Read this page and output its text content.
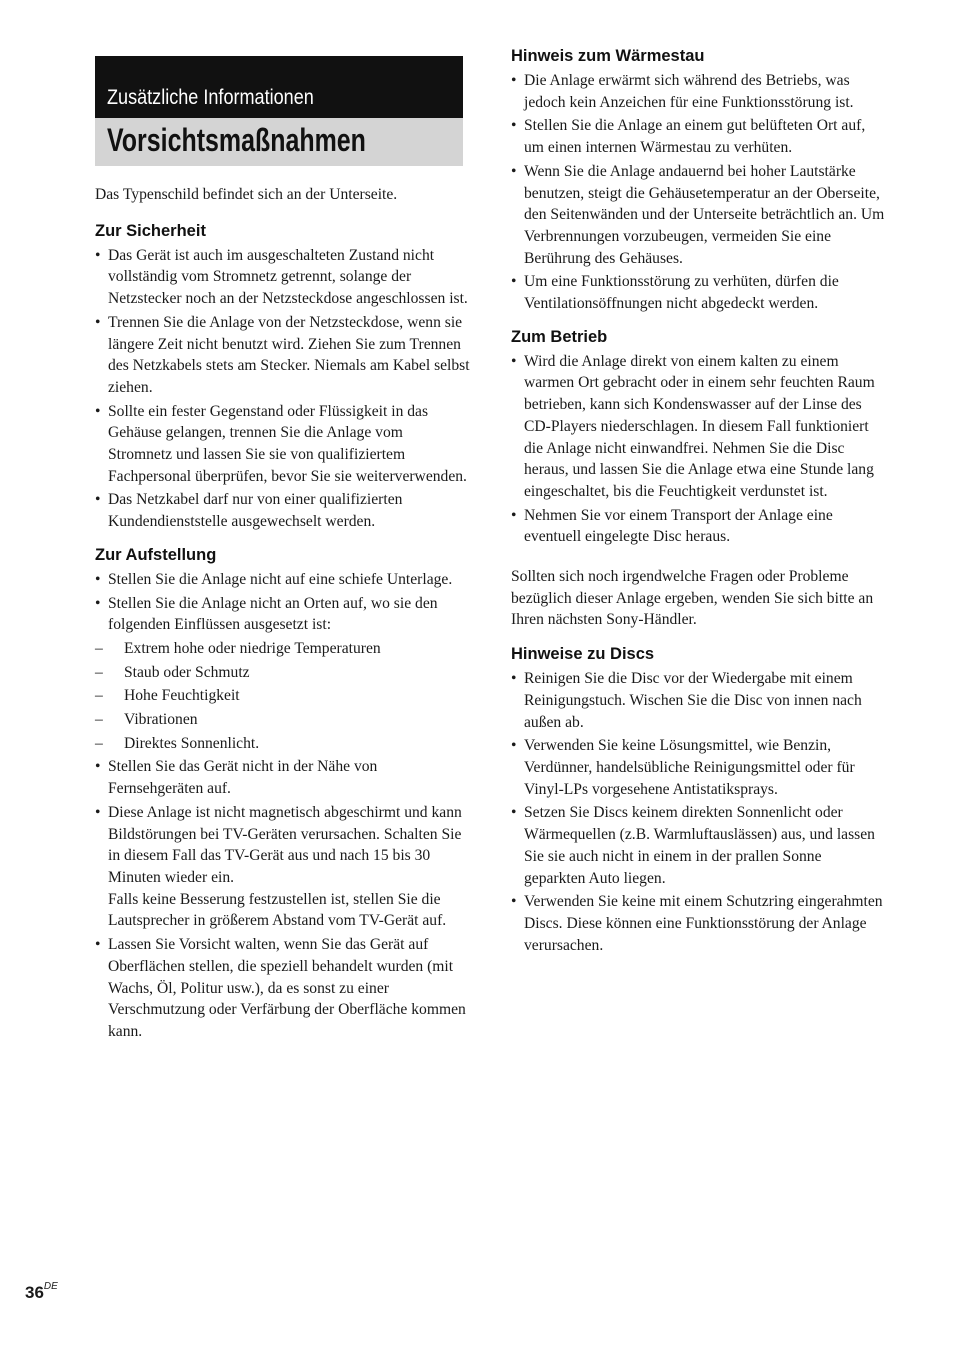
Zusätzliche Informationen
Vorsichtsmaßnahmen

Das Typenschild befindet sich an der Unterseite.

Zur Sicherheit
• Das Gerät ist auch im ausgeschalteten Zustand nicht vollständig vom Stromnetz getrennt, solange der Netzstecker noch an der Netzsteckdose angeschlossen ist.
• Trennen Sie die Anlage von der Netzsteckdose, wenn sie längere Zeit nicht benutzt wird. Ziehen Sie zum Trennen des Netzkabels stets am Stecker. Niemals am Kabel selbst ziehen.
• Sollte ein fester Gegenstand oder Flüssigkeit in das Gehäuse gelangen, trennen Sie die Anlage vom Stromnetz und lassen Sie sie von qualifiziertem Fachpersonal überprüfen, bevor Sie sie weiterverwenden.
• Das Netzkabel darf nur von einer qualifizierten Kundendienststelle ausgewechselt werden.
Zur Aufstellung
• Stellen Sie die Anlage nicht auf eine schiefe Unterlage.
• Stellen Sie die Anlage nicht an Orten auf, wo sie den folgenden Einflüssen ausgesetzt ist:
– Extrem hohe oder niedrige Temperaturen
– Staub oder Schmutz
– Hohe Feuchtigkeit
– Vibrationen
– Direktes Sonnenlicht.
• Stellen Sie das Gerät nicht in der Nähe von Fernsehgeräten auf.
• Diese Anlage ist nicht magnetisch abgeschirmt und kann Bildstörungen bei TV-Geräten verursachen. Schalten Sie in diesem Fall das TV-Gerät aus und nach 15 bis 30 Minuten wieder ein.
Falls keine Besserung festzustellen ist, stellen Sie die Lautsprecher in größerem Abstand vom TV-Gerät auf.
• Lassen Sie Vorsicht walten, wenn Sie das Gerät auf Oberflächen stellen, die speziell behandelt wurden (mit Wachs, Öl, Politur usw.), da es sonst zu einer Verschmutzung oder Verfärbung der Oberfläche kommen kann.
Hinweis zum Wärmestau
• Die Anlage erwärmt sich während des Betriebs, was jedoch kein Anzeichen für eine Funktionsstörung ist.
• Stellen Sie die Anlage an einem gut belüfteten Ort auf, um einen internen Wärmestau zu verhüten.
• Wenn Sie die Anlage andauernd bei hoher Lautstärke benutzen, steigt die Gehäusetemperatur an der Oberseite, den Seitenwänden und der Unterseite beträchtlich an. Um Verbrennungen vorzubeugen, vermeiden Sie eine Berührung des Gehäuses.
• Um eine Funktionsstörung zu verhüten, dürfen die Ventilationsöffnungen nicht abgedeckt werden.
Zum Betrieb
• Wird die Anlage direkt von einem kalten zu einem warmen Ort gebracht oder in einem sehr feuchten Raum betrieben, kann sich Kondenswasser auf der Linse des CD-Players niederschlagen. In diesem Fall funktioniert die Anlage nicht einwandfrei. Nehmen Sie die Disc heraus, und lassen Sie die Anlage etwa eine Stunde lang eingeschaltet, bis die Feuchtigkeit verdunstet ist.
• Nehmen Sie vor einem Transport der Anlage eine eventuell eingelegte Disc heraus.

Sollten sich noch irgendwelche Fragen oder Probleme bezüglich dieser Anlage ergeben, wenden Sie sich bitte an Ihren nächsten Sony-Händler.

Hinweise zu Discs
• Reinigen Sie die Disc vor der Wiedergabe mit einem Reinigungstuch. Wischen Sie die Disc von innen nach außen ab.
• Verwenden Sie keine Lösungsmittel, wie Benzin, Verdünner, handelsübliche Reinigungsmittel oder für Vinyl-LPs vorgesehene Antistatiksprays.
• Setzen Sie Discs keinem direkten Sonnenlicht oder Wärmequellen (z.B. Warmluftauslässen) aus, und lassen Sie sie auch nicht in einem in der prallen Sonne geparkten Auto liegen.
• Verwenden Sie keine mit einem Schutzring eingerahmten Discs. Diese können eine Funktionsstörung der Anlage verursachen.
36DE
